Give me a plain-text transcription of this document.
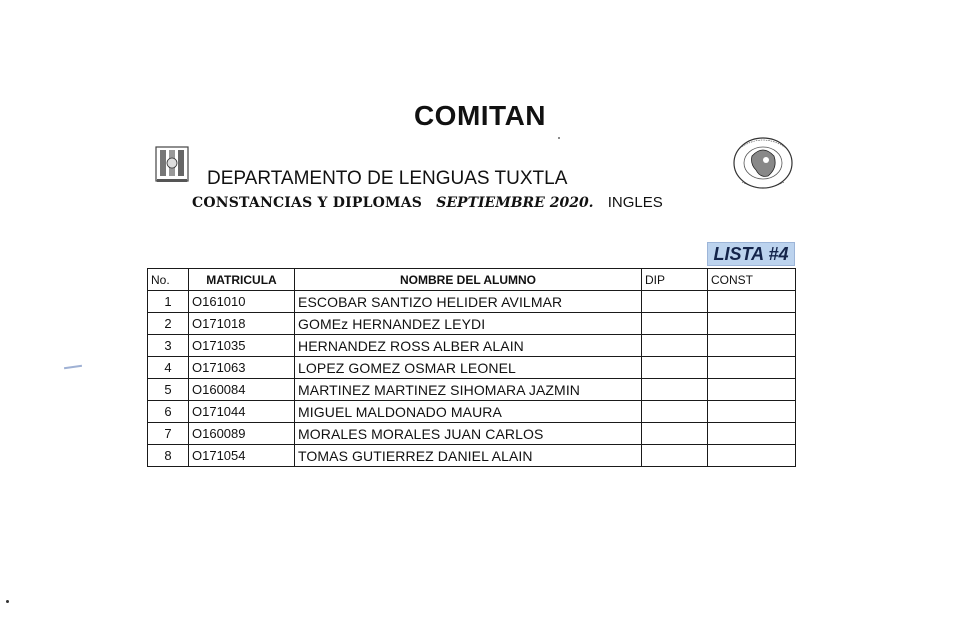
COMITAN
DEPARTAMENTO DE LENGUAS TUXTLA
CONSTANCIAS Y DIPLOMAS SEPTIEMBRE 2020. INGLES
LISTA #4
No.	MATRICULA	NOMBRE DEL ALUMNO	DIP	CONST
1	O161010	ESCOBAR SANTIZO HELIDER AVILMAR		
2	O171018	GOMEz HERNANDEZ LEYDI		
3	O171035	HERNANDEZ ROSS ALBER ALAIN		
4	O171063	LOPEZ GOMEZ OSMAR LEONEL		
5	O160084	MARTINEZ MARTINEZ SIHOMARA JAZMIN		
6	O171044	MIGUEL MALDONADO MAURA		
7	O160089	MORALES MORALES JUAN CARLOS		
8	O171054	TOMAS GUTIERREZ DANIEL ALAIN		
